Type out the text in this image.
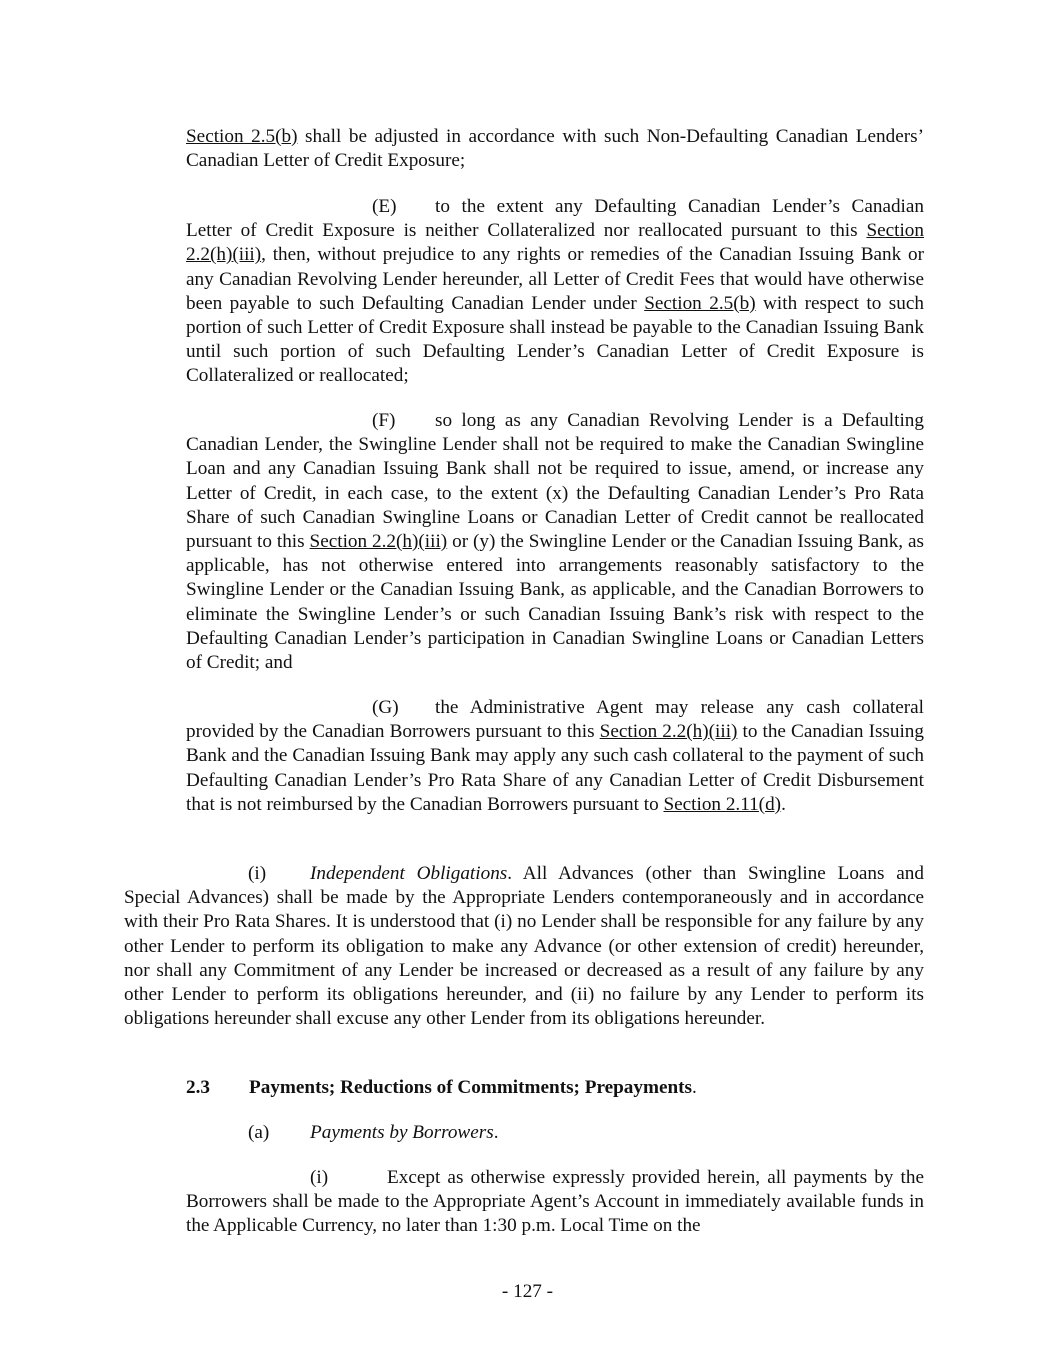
Section 2.5(b) shall be adjusted in accordance with such Non-Defaulting Canadian Lenders’ Canadian Letter of Credit Exposure;

(E) to the extent any Defaulting Canadian Lender’s Canadian Letter of Credit Exposure is neither Collateralized nor reallocated pursuant to this Section 2.2(h)(iii), then, without prejudice to any rights or remedies of the Canadian Issuing Bank or any Canadian Revolving Lender hereunder, all Letter of Credit Fees that would have otherwise been payable to such Defaulting Canadian Lender under Section 2.5(b) with respect to such portion of such Letter of Credit Exposure shall instead be payable to the Canadian Issuing Bank until such portion of such Defaulting Lender’s Canadian Letter of Credit Exposure is Collateralized or reallocated;

(F) so long as any Canadian Revolving Lender is a Defaulting Canadian Lender, the Swingline Lender shall not be required to make the Canadian Swingline Loan and any Canadian Issuing Bank shall not be required to issue, amend, or increase any Letter of Credit, in each case, to the extent (x) the Defaulting Canadian Lender’s Pro Rata Share of such Canadian Swingline Loans or Canadian Letter of Credit cannot be reallocated pursuant to this Section 2.2(h)(iii) or (y) the Swingline Lender or the Canadian Issuing Bank, as applicable, has not otherwise entered into arrangements reasonably satisfactory to the Swingline Lender or the Canadian Issuing Bank, as applicable, and the Canadian Borrowers to eliminate the Swingline Lender’s or such Canadian Issuing Bank’s risk with respect to the Defaulting Canadian Lender’s participation in Canadian Swingline Loans or Canadian Letters of Credit; and

(G) the Administrative Agent may release any cash collateral provided by the Canadian Borrowers pursuant to this Section 2.2(h)(iii) to the Canadian Issuing Bank and the Canadian Issuing Bank may apply any such cash collateral to the payment of such Defaulting Canadian Lender’s Pro Rata Share of any Canadian Letter of Credit Disbursement that is not reimbursed by the Canadian Borrowers pursuant to Section 2.11(d).

(i) Independent Obligations. All Advances (other than Swingline Loans and Special Advances) shall be made by the Appropriate Lenders contemporaneously and in accordance with their Pro Rata Shares. It is understood that (i) no Lender shall be responsible for any failure by any other Lender to perform its obligation to make any Advance (or other extension of credit) hereunder, nor shall any Commitment of any Lender be increased or decreased as a result of any failure by any other Lender to perform its obligations hereunder, and (ii) no failure by any Lender to perform its obligations hereunder shall excuse any other Lender from its obligations hereunder.

2.3 Payments; Reductions of Commitments; Prepayments.

(a) Payments by Borrowers.

(i)	Except as otherwise expressly provided herein, all payments by the Borrowers shall be made to the Appropriate Agent’s Account in immediately available funds in the Applicable Currency, no later than 1:30 p.m. Local Time on the

- 127 -
